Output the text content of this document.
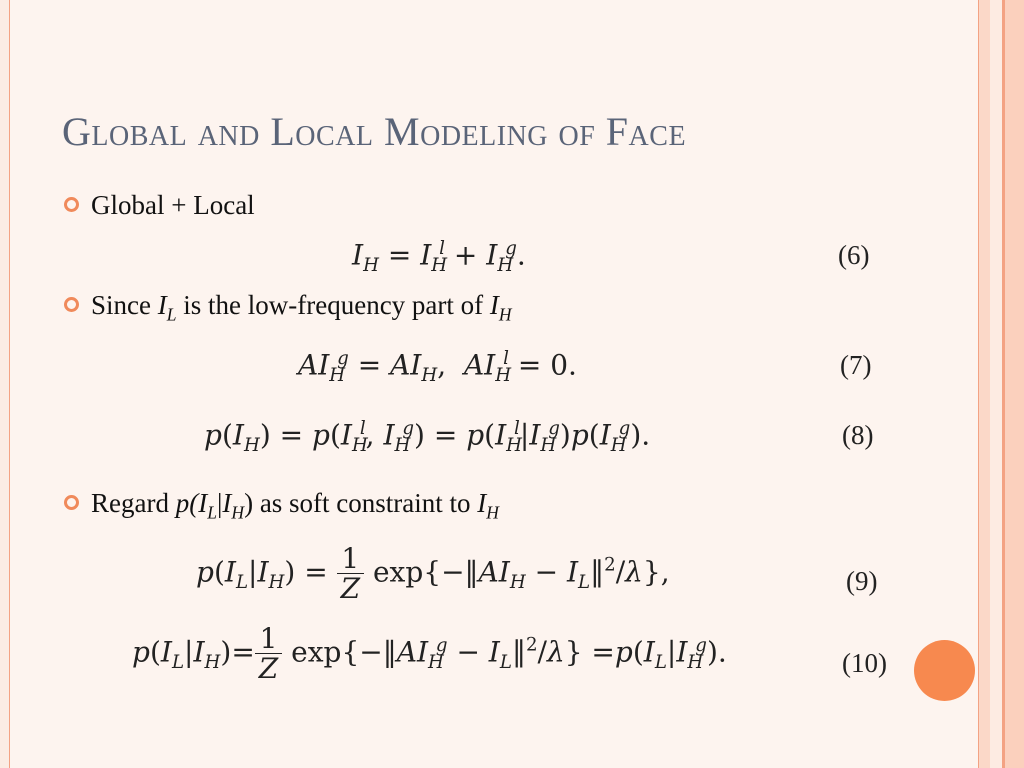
Global and Local Modeling of Face
Global + Local
$I_H = I_H^l + I_H^g$.	(6)
Since $I_L$ is the low-frequency part of $I_H$
$AI_H^g = AI_H$,  $AI_H^l = 0$.	(7)
$p(I_H) = p(I_H^l$, $I_H^g) = p(I_H^l|I_H^g)p(I_H^g)$.	(8)
Regard $p(I_L|I_H)$ as soft constraint to $I_H$
$p(I_L|I_H) = \frac{1}{Z}$ $\exp\{-‖AI_H$ − $I_L‖^2/\lambda$},	(9)
$p(I_L|I_H)= \frac{1}{Z}$ $\exp\{-‖AI_H^g$ − $I_L‖^2/\lambda\} =p(I_L|I_H^g)$.	(10)
